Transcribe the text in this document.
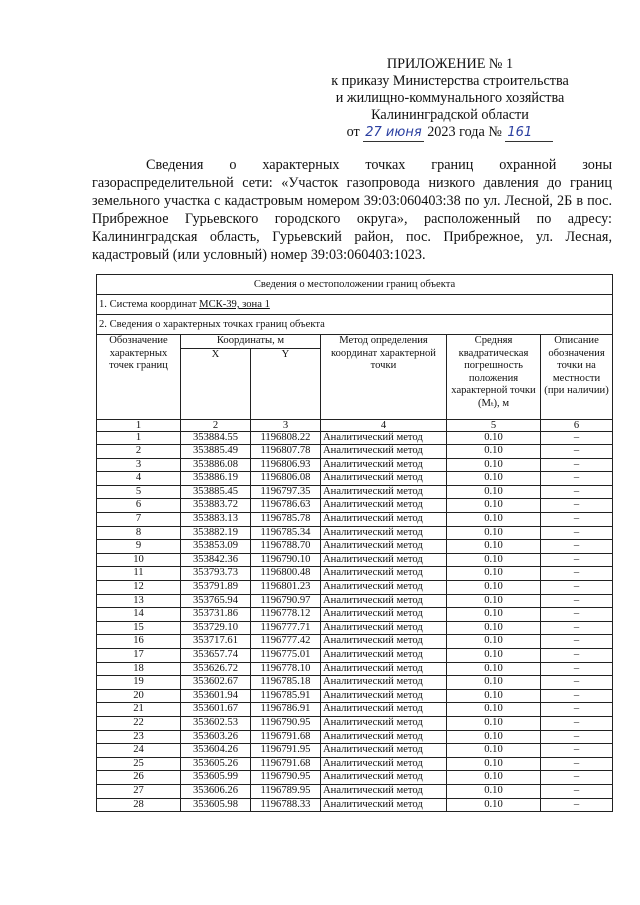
ПРИЛОЖЕНИЕ № 1
к приказу Министерства строительства
и жилищно-коммунального хозяйства
Калининградской области
от 27 июня 2023 года № 161
Сведения о характерных точках границ охранной зоны газораспределительной сети: «Участок газопровода низкого давления до границ земельного участка с кадастровым номером 39:03:060403:38 по ул. Лесной, 2Б в пос. Прибрежное Гурьевского городского округа», расположенный по адресу: Калининградская область, Гурьевский район, пос. Прибрежное, ул. Лесная, кадастровый (или условный) номер 39:03:060403:1023.
Сведения о местоположении границ объекта					
1. Система координат МСК-39, зона 1					
2. Сведения о характерных точках границ объекта					
Обозначение характерных точек границ	Координаты, м		Метод определения координат характерной точки	Средняя квадратическая погрешность положения характерной точки (Mₜ), м	Описание обозначения точки на местности (при наличии)
	X	Y			
1	2	3	4	5	6
1	353884.55	1196808.22	Аналитический метод	0.10	–
2	353885.49	1196807.78	Аналитический метод	0.10	–
3	353886.08	1196806.93	Аналитический метод	0.10	–
4	353886.19	1196806.08	Аналитический метод	0.10	–
5	353885.45	1196797.35	Аналитический метод	0.10	–
6	353883.72	1196786.63	Аналитический метод	0.10	–
7	353883.13	1196785.78	Аналитический метод	0.10	–
8	353882.19	1196785.34	Аналитический метод	0.10	–
9	353853.09	1196788.70	Аналитический метод	0.10	–
10	353842.36	1196790.10	Аналитический метод	0.10	–
11	353793.73	1196800.48	Аналитический метод	0.10	–
12	353791.89	1196801.23	Аналитический метод	0.10	–
13	353765.94	1196790.97	Аналитический метод	0.10	–
14	353731.86	1196778.12	Аналитический метод	0.10	–
15	353729.10	1196777.71	Аналитический метод	0.10	–
16	353717.61	1196777.42	Аналитический метод	0.10	–
17	353657.74	1196775.01	Аналитический метод	0.10	–
18	353626.72	1196778.10	Аналитический метод	0.10	–
19	353602.67	1196785.18	Аналитический метод	0.10	–
20	353601.94	1196785.91	Аналитический метод	0.10	–
21	353601.67	1196786.91	Аналитический метод	0.10	–
22	353602.53	1196790.95	Аналитический метод	0.10	–
23	353603.26	1196791.68	Аналитический метод	0.10	–
24	353604.26	1196791.95	Аналитический метод	0.10	–
25	353605.26	1196791.68	Аналитический метод	0.10	–
26	353605.99	1196790.95	Аналитический метод	0.10	–
27	353606.26	1196789.95	Аналитический метод	0.10	–
28	353605.98	1196788.33	Аналитический метод	0.10	–
